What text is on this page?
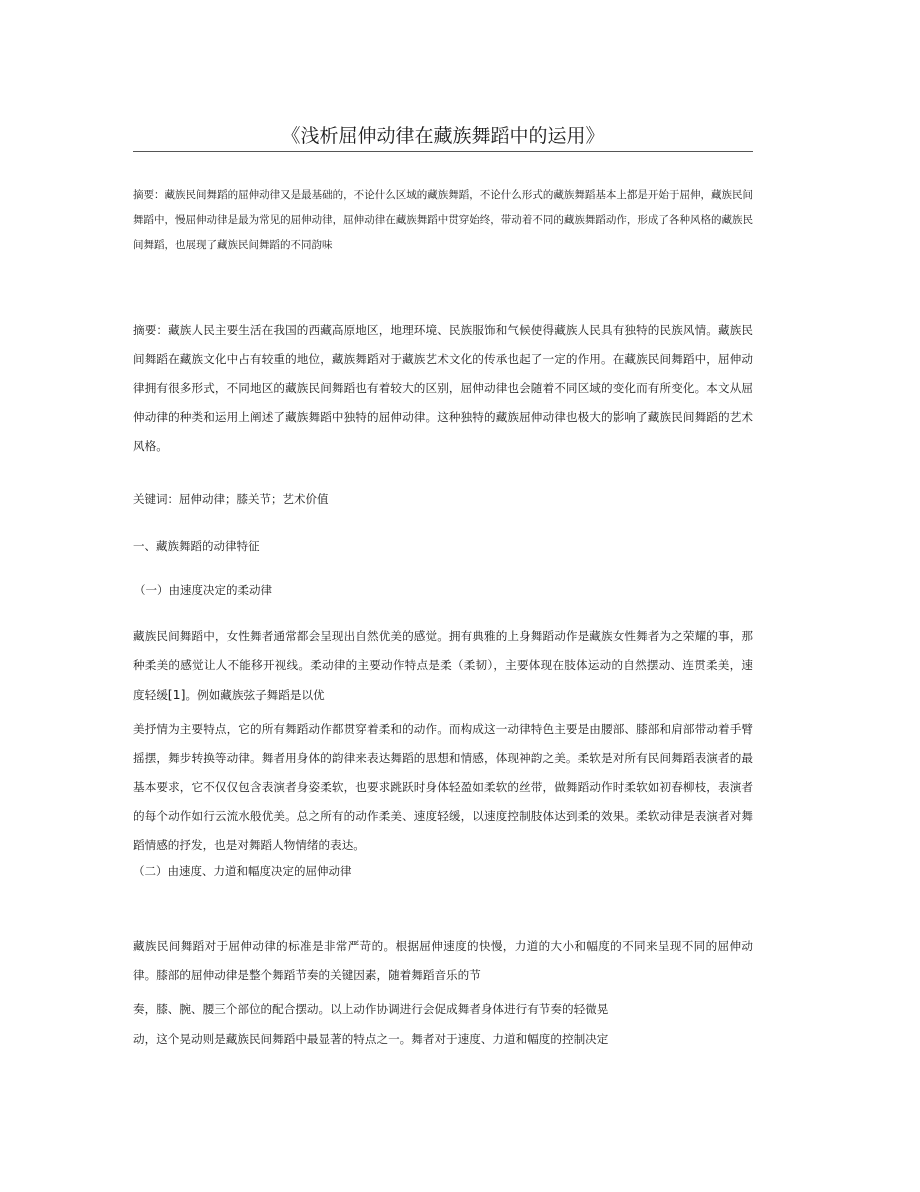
《浅析屈伸动律在藏族舞蹈中的运用》

摘要：藏族民间舞蹈的屈伸动律又是最基础的，不论什么区域的藏族舞蹈，不论什么形式的藏族舞蹈基本上都是开始于屈伸，藏族民间舞蹈中，慢屈伸动律是最为常见的屈伸动律，屈伸动律在藏族舞蹈中贯穿始终，带动着不同的藏族舞蹈动作，形成了各种风格的藏族民间舞蹈，也展现了藏族民间舞蹈的不同韵味

摘要：藏族人民主要生活在我国的西藏高原地区，地理环境、民族服饰和气候使得藏族人民具有独特的民族风情。藏族民间舞蹈在藏族文化中占有较重的地位，藏族舞蹈对于藏族艺术文化的传承也起了一定的作用。在藏族民间舞蹈中，屈伸动律拥有很多形式，不同地区的藏族民间舞蹈也有着较大的区别，屈伸动律也会随着不同区域的变化而有所变化。本文从屈伸动律的种类和运用上阐述了藏族舞蹈中独特的屈伸动律。这种独特的藏族屈伸动律也极大的影响了藏族民间舞蹈的艺术风格。

关键词：屈伸动律；膝关节；艺术价值

一、藏族舞蹈的动律特征

（一）由速度决定的柔动律

藏族民间舞蹈中，女性舞者通常都会呈现出自然优美的感觉。拥有典雅的上身舞蹈动作是藏族女性舞者为之荣耀的事，那种柔美的感觉让人不能移开视线。柔动律的主要动作特点是柔（柔韧），主要体现在肢体运动的自然摆动、连贯柔美，速度轻缓[1]。例如藏族弦子舞蹈是以优

美抒情为主要特点，它的所有舞蹈动作都贯穿着柔和的动作。而构成这一动律特色主要是由腰部、膝部和肩部带动着手臂摇摆，舞步转换等动律。舞者用身体的韵律来表达舞蹈的思想和情感，体现神韵之美。柔软是对所有民间舞蹈表演者的最基本要求，它不仅仅包含表演者身姿柔软，也要求跳跃时身体轻盈如柔软的丝带，做舞蹈动作时柔软如初春柳枝，表演者的每个动作如行云流水般优美。总之所有的动作柔美、速度轻缓，以速度控制肢体达到柔的效果。柔软动律是表演者对舞蹈情感的抒发，也是对舞蹈人物情绪的表达。

（二）由速度、力道和幅度决定的屈伸动律

藏族民间舞蹈对于屈伸动律的标准是非常严苛的。根据屈伸速度的快慢，力道的大小和幅度的不同来呈现不同的屈伸动律。膝部的屈伸动律是整个舞蹈节奏的关键因素，随着舞蹈音乐的节

奏，膝、腕、腰三个部位的配合摆动。以上动作协调进行会促成舞者身体进行有节奏的轻微晃

动，这个晃动则是藏族民间舞蹈中最显著的特点之一。舞者对于速度、力道和幅度的控制决定
